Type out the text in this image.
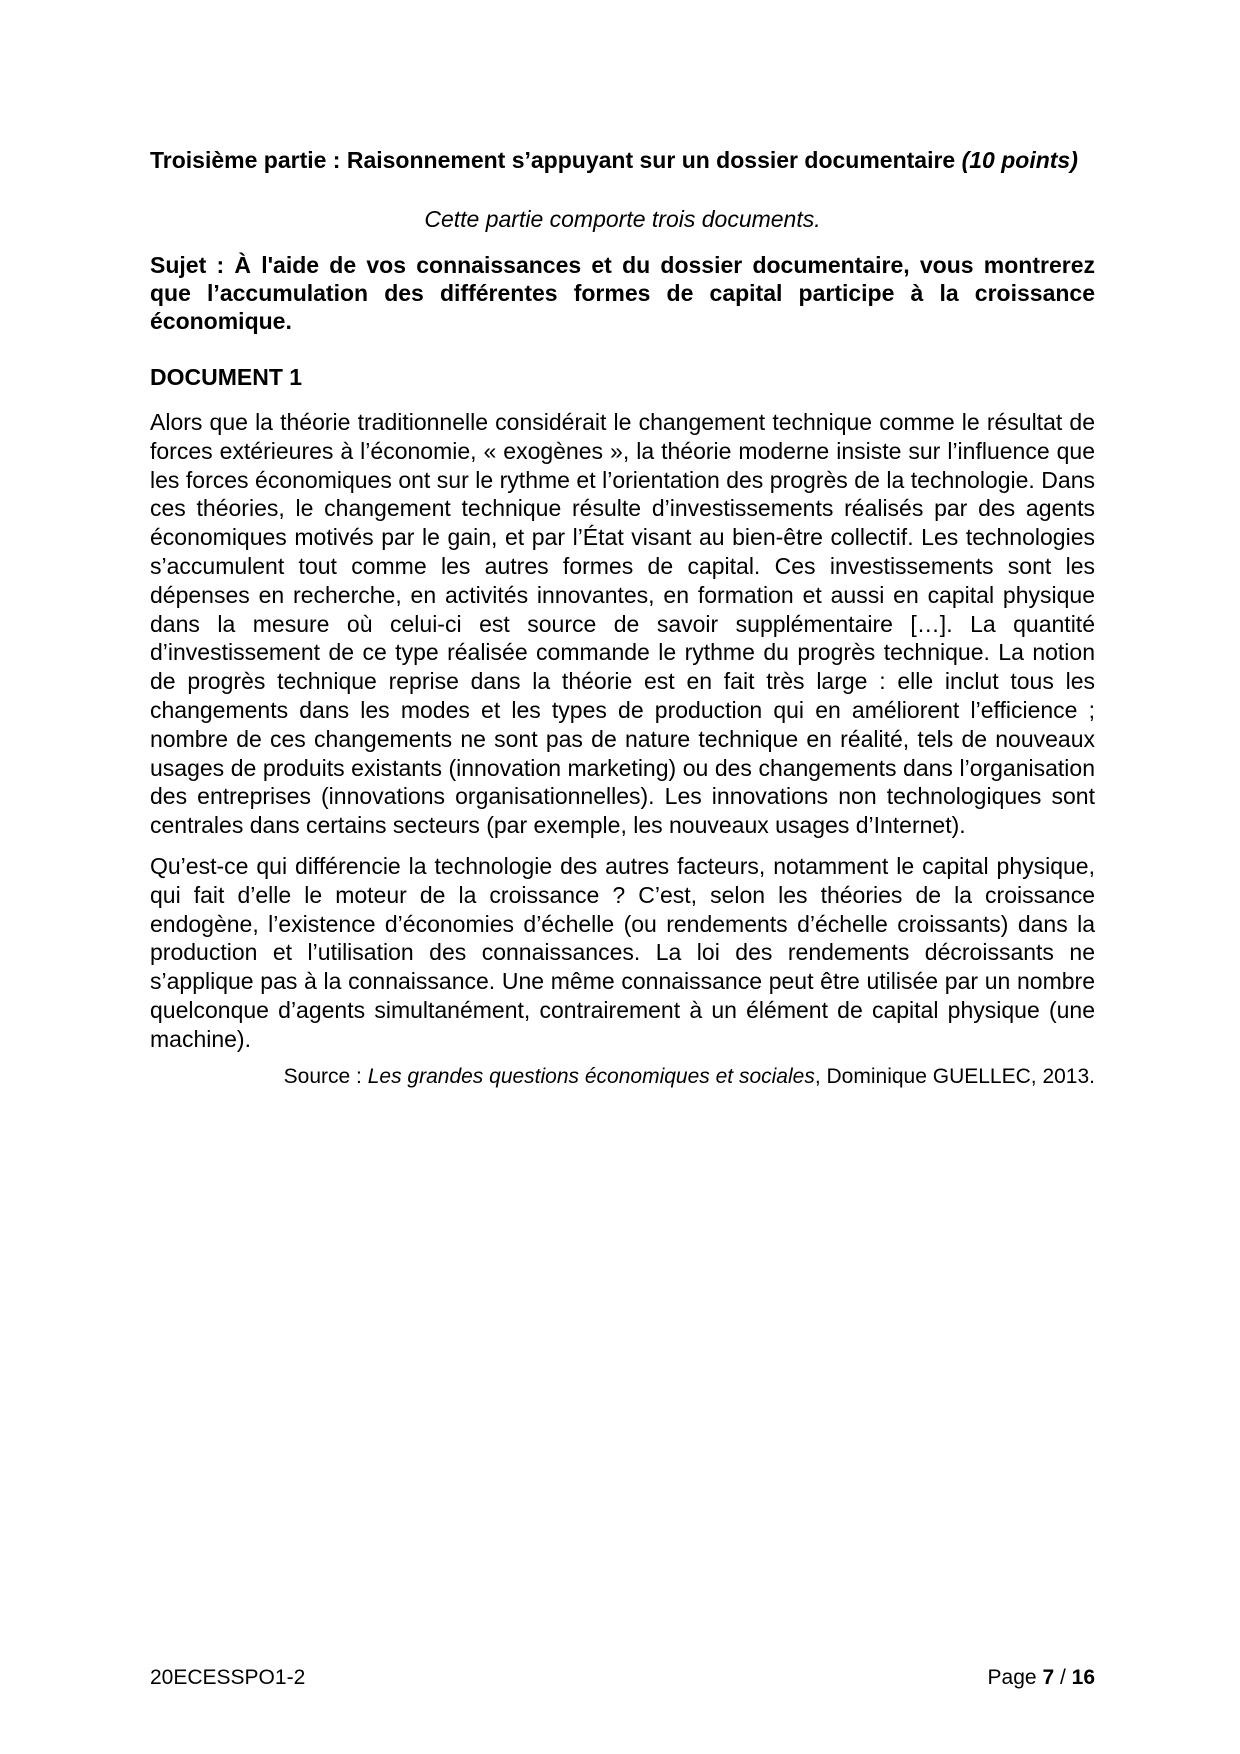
Troisième partie : Raisonnement s’appuyant sur un dossier documentaire (10 points)

Cette partie comporte trois documents.

Sujet : À l'aide de vos connaissances et du dossier documentaire, vous montrerez que l’accumulation des différentes formes de capital participe à la croissance économique.

DOCUMENT 1

Alors que la théorie traditionnelle considérait le changement technique comme le résultat de forces extérieures à l’économie, « exogènes », la théorie moderne insiste sur l’influence que les forces économiques ont sur le rythme et l’orientation des progrès de la technologie. Dans ces théories, le changement technique résulte d’investissements réalisés par des agents économiques motivés par le gain, et par l’État visant au bien-être collectif. Les technologies s’accumulent tout comme les autres formes de capital. Ces investissements sont les dépenses en recherche, en activités innovantes, en formation et aussi en capital physique dans la mesure où celui-ci est source de savoir supplémentaire […]. La quantité d’investissement de ce type réalisée commande le rythme du progrès technique. La notion de progrès technique reprise dans la théorie est en fait très large : elle inclut tous les changements dans les modes et les types de production qui en améliorent l’efficience ; nombre de ces changements ne sont pas de nature technique en réalité, tels de nouveaux usages de produits existants (innovation marketing) ou des changements dans l’organisation des entreprises (innovations organisationnelles). Les innovations non technologiques sont centrales dans certains secteurs (par exemple, les nouveaux usages d’Internet).

Qu’est-ce qui différencie la technologie des autres facteurs, notamment le capital physique, qui fait d’elle le moteur de la croissance ? C’est, selon les théories de la croissance endogène, l’existence d’économies d’échelle (ou rendements d’échelle croissants) dans la production et l’utilisation des connaissances. La loi des rendements décroissants ne s’applique pas à la connaissance. Une même connaissance peut être utilisée par un nombre quelconque d’agents simultanément, contrairement à un élément de capital physique (une machine).

Source : Les grandes questions économiques et sociales, Dominique GUELLEC, 2013.

20ECESSPO1-2	Page 7 / 16
